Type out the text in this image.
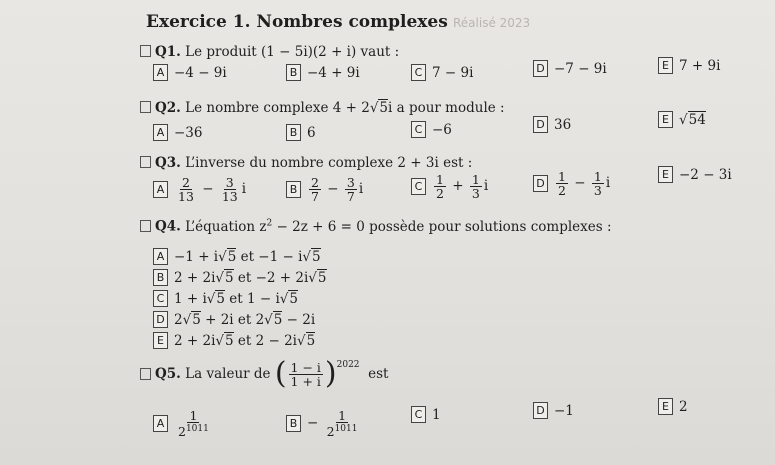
Exercice 1. Nombres complexes Réalisé 2023
Q1. Le produit (1 − 5i)(2 + i) vaut :
A −4 − 9i	B −4 + 9i	C 7 − 9i	D −7 − 9i	E 7 + 9i
Q2. Le nombre complexe 4 + 2√5i a pour module :
A −36	B 6	C −6	D 36	E √54
Q3. L’inverse du nombre complexe 2 + 3i est :
A $\frac{2}{13} - \frac{3}{13}$ i	B $\frac{2}{7} - \frac{3}{7}$ i	C $\frac{1}{2} + \frac{1}{3}$ i	D $\frac{1}{2} - \frac{1}{3}$ i
E −2 − 3i
Q4. L’équation $z^2 - 2z + 6 = 0$ possède pour solutions complexes :
A −1 + i√5 et −1 − i√5
B 2 + 2i√5 et −2 + 2i√5
C 1 + i√5 et 1 − i√5
D 2√5 + 2i et 2√5 − 2i
E 2 + 2i√5 et 2 − 2i√5
Q5.
La valeur de ( $\frac{1 - i}{1 + i} )^{2022}$
est
A $\frac{1}{2^{1011}}$	$B - \frac{1}{2^{1011}}$	C 1	D −1	E 2
